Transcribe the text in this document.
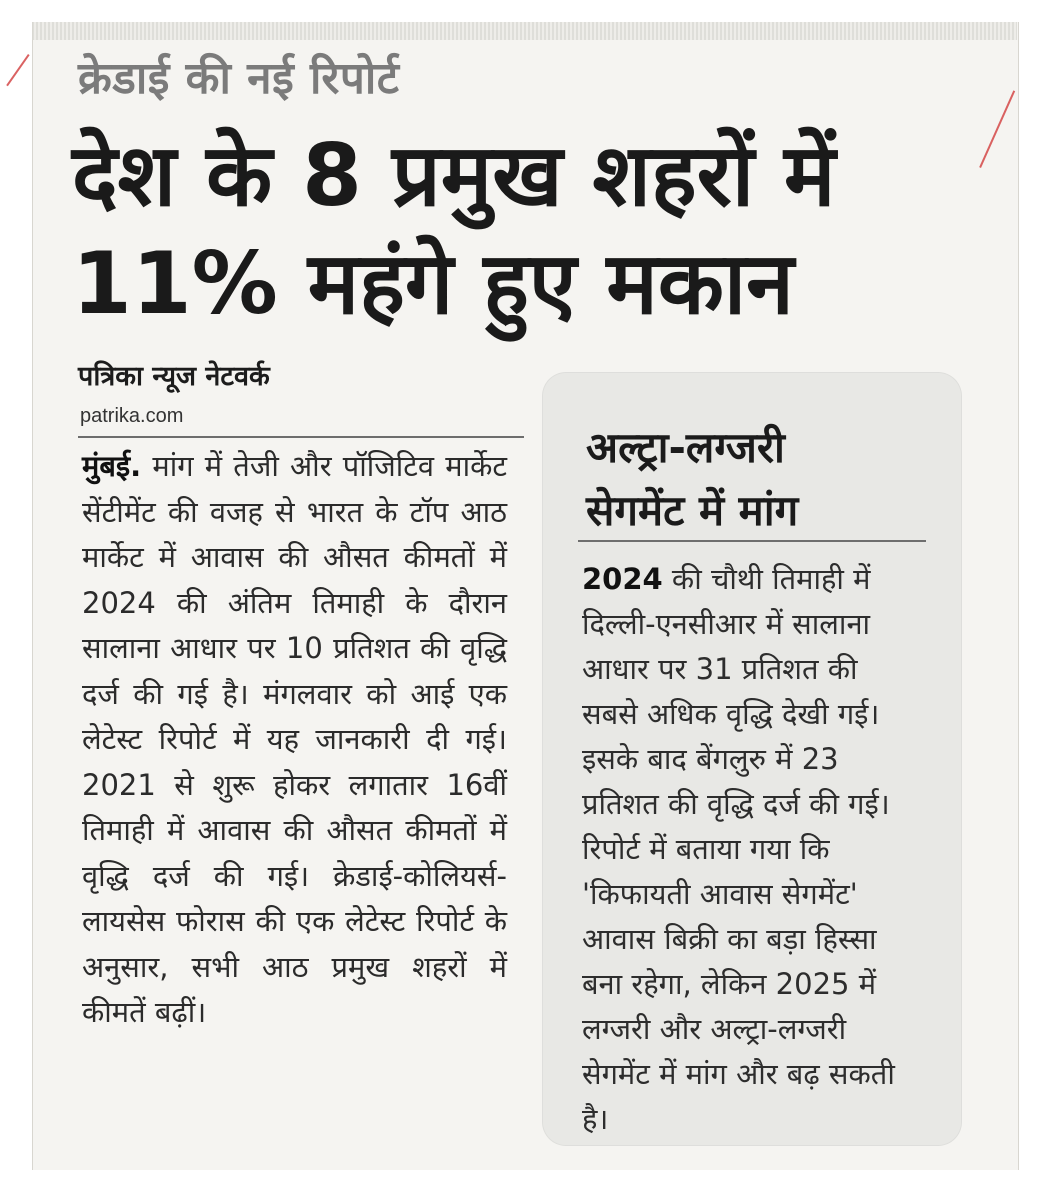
क्रेडाई की नई रिपोर्ट
देश के 8 प्रमुख शहरों में
11% महंगे हुए मकान
पत्रिका न्यूज नेटवर्क
patrika.com
मुंबई. मांग में तेजी और पॉजिटिव मार्केट सेंटीमेंट की वजह से भारत के टॉप आठ मार्केट में आवास की औसत कीमतों में 2024 की अंतिम तिमाही के दौरान सालाना आधार पर 10 प्रतिशत की वृद्धि दर्ज की गई है। मंगलवार को आई एक लेटेस्ट रिपोर्ट में यह जानकारी दी गई। 2021 से शुरू होकर लगातार 16वीं तिमाही में आवास की औसत कीमतों में वृद्धि दर्ज की गई। क्रेडाई-कोलियर्स-लायसेस फोरास की एक लेटेस्ट रिपोर्ट के अनुसार, सभी आठ प्रमुख शहरों में कीमतें बढ़ीं।
अल्ट्रा-लग्जरी
सेगमेंट में मांग
2024 की चौथी तिमाही में दिल्ली-एनसीआर में सालाना आधार पर 31 प्रतिशत की सबसे अधिक वृद्धि देखी गई। इसके बाद बेंगलुरु में 23 प्रतिशत की वृद्धि दर्ज की गई। रिपोर्ट में बताया गया कि 'किफायती आवास सेगमेंट' आवास बिक्री का बड़ा हिस्सा बना रहेगा, लेकिन 2025 में लग्जरी और अल्ट्रा-लग्जरी सेगमेंट में मांग और बढ़ सकती है।
